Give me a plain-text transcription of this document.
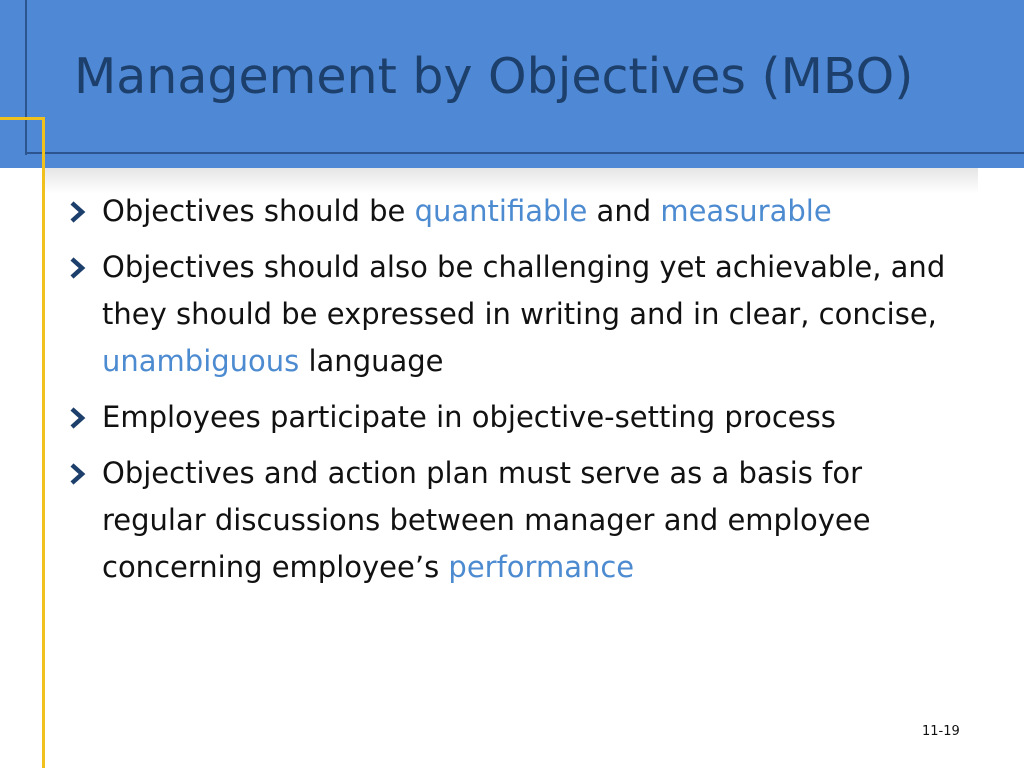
Management by Objectives (MBO)
Objectives should be quantifiable and measurable
Objectives should also be challenging yet achievable, and they should be expressed in writing and in clear, concise, unambiguous language
Employees participate in objective-setting process
Objectives and action plan must serve as a basis for regular discussions between manager and employee concerning employee’s performance
11-19
